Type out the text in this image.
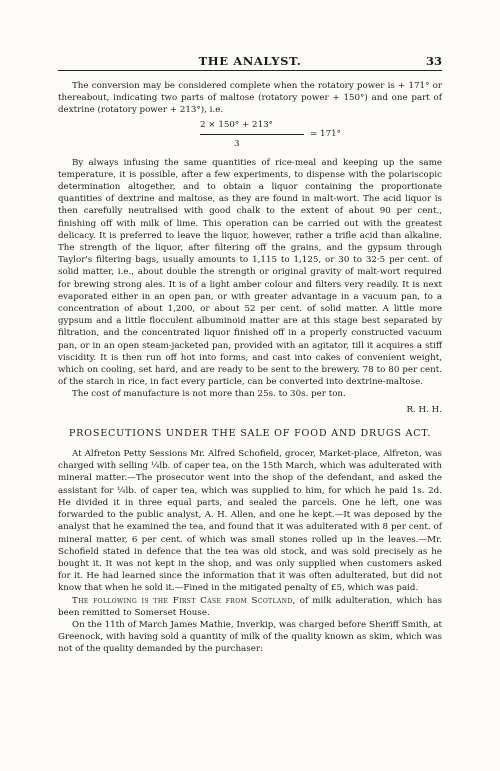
THE ANALYST.	33

The conversion may be considered complete when the rotatory power is + 171° or thereabout, indicating two parts of maltose (rotatory power + 150°) and one part of dextrine (rotatory power + 213°), i.e.

2 × 150° + 213°
= 171°
3

By always infusing the same quantities of rice-meal and keeping up the same temperature, it is possible, after a few experiments, to dispense with the polariscopic determination altogether, and to obtain a liquor containing the proportionate quantities of dextrine and maltose, as they are found in malt-wort. The acid liquor is then carefully neutralised with good chalk to the extent of about 90 per cent., finishing off with milk of lime. This operation can be carried out with the greatest delicacy. It is preferred to leave the liquor, however, rather a trifle acid than alkaline. The strength of the liquor, after filtering off the grains, and the gypsum through Taylor's filtering bags, usually amounts to 1,115 to 1,125, or 30 to 32·5 per cent. of solid matter, i.e., about double the strength or original gravity of malt-wort required for brewing strong ales. It is of a light amber colour and filters very readily. It is next evaporated either in an open pan, or with greater advantage in a vacuum pan, to a concentration of about 1,200, or about 52 per cent. of solid matter. A little more gypsum and a little flocculent albuminoid matter are at this stage best separated by filtration, and the concentrated liquor finished off in a properly constructed vacuum pan, or in an open steam-jacketed pan, provided with an agitator, till it acquires a stiff viscidity. It is then run off hot into forms, and cast into cakes of convenient weight, which on cooling, set hard, and are ready to be sent to the brewery. 78 to 80 per cent. of the starch in rice, in fact every particle, can be converted into dextrine-maltose.

The cost of manufacture is not more than 25s. to 30s. per ton.

R. H. H.
PROSECUTIONS UNDER THE SALE OF FOOD AND DRUGS ACT.

At Alfreton Petty Sessions Mr. Alfred Schofield, grocer, Market-place, Alfreton, was charged with selling ¼lb. of caper tea, on the 15th March, which was adulterated with mineral matter.—The prosecutor went into the shop of the defendant, and asked the assistant for ¼lb. of caper tea, which was supplied to him, for which he paid 1s. 2d. He divided it in three equal parts, and sealed the parcels. One he left, one was forwarded to the public analyst, A. H. Allen, and one he kept.—It was deposed by the analyst that he examined the tea, and found that it was adulterated with 8 per cent. of mineral matter, 6 per cent. of which was small stones rolled up in the leaves.—Mr. Schofield stated in defence that the tea was old stock, and was sold precisely as he bought it. It was not kept in the shop, and was only supplied when customers asked for it. He had learned since the information that it was often adulterated, but did not know that when he sold it.—Fined in the mitigated penalty of £5, which was paid.

The following is the First Case from Scotland, of milk adulteration, which has been remitted to Somerset House.

On the 11th of March James Mathie, Inverkip, was charged before Sheriff Smith, at Greenock, with having sold a quantity of milk of the quality known as skim, which was not of the quality demanded by the purchaser:
